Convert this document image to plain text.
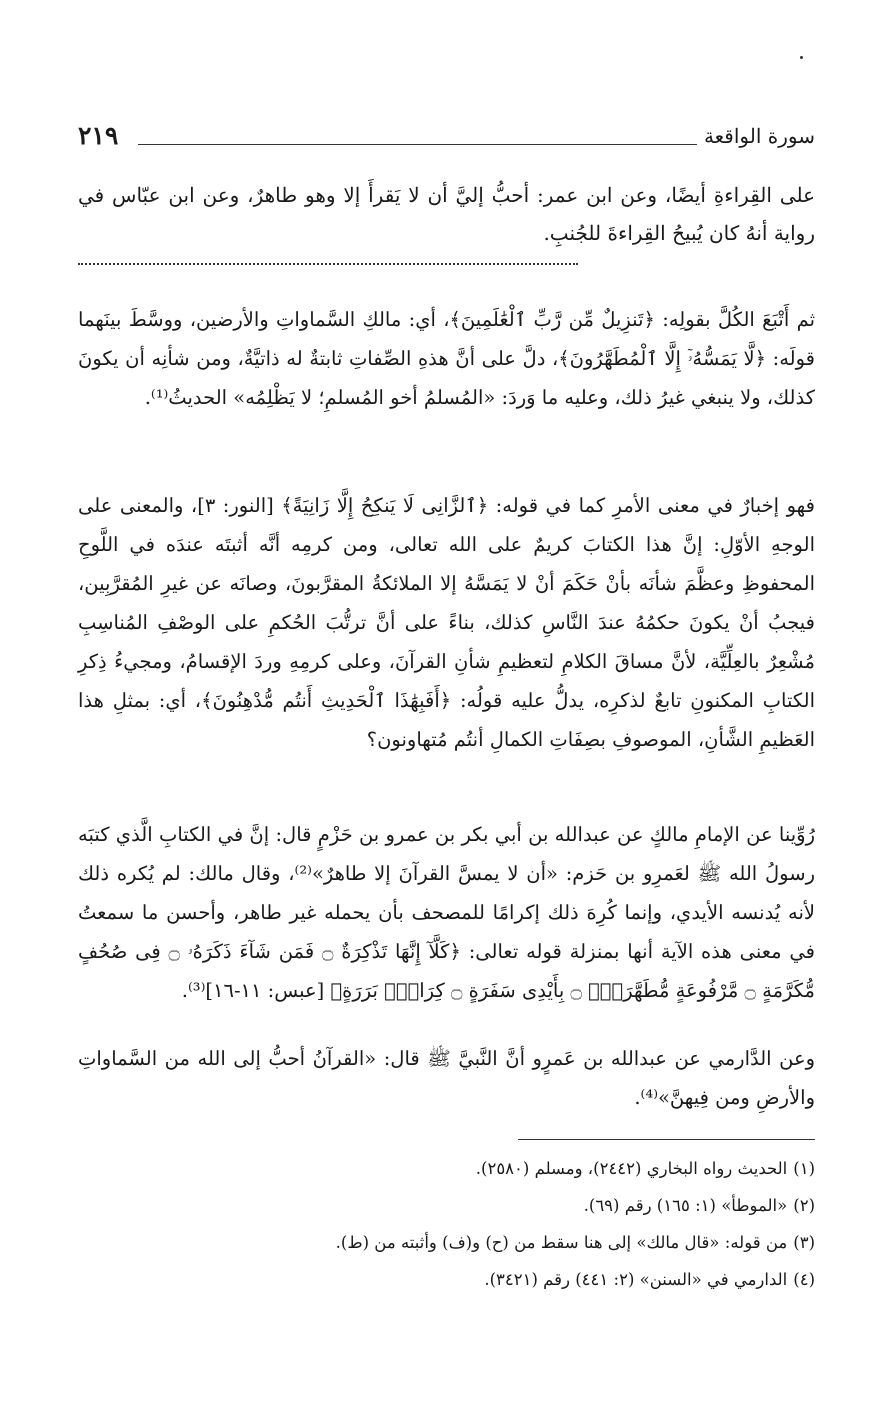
سورة الواقعة
٢١٩
على القِراءةِ أيضًا، وعن ابن عمر: أحبُّ إليَّ أن لا يَقرأَ إلا وهو طاهرٌ، وعن ابن عبّاس في رواية أنهُ كان يُبيحُ القِراءةَ للجُنبِ.
ثم أَتْبَعَ الكُلَّ بقولِه: ﴿تَنزِيلٌ مِّن رَّبِّ ٱلْعَٰلَمِينَ﴾، أي: مالكِ السَّماواتِ والأرضين، ووسَّطَ بينَهما قولَه: ﴿لَّا يَمَسُّهُۥٓ إِلَّا ٱلْمُطَهَّرُونَ﴾، دلَّ على أنَّ هذهِ الصِّفاتِ ثابتةٌ له ذاتيَّةٌ، ومن شأنِه أن يكونَ كذلك، ولا ينبغي غيرُ ذلك، وعليه ما وَردَ: «المُسلمُ أخو المُسلمِ؛ لا يَظْلِمُه» الحديثُ⁽¹⁾.
فهو إخبارٌ في معنى الأمرِ كما في قوله: ﴿ٱلزَّانِى لَا يَنكِحُ إِلَّا زَانِيَةً﴾ [النور: ٣]، والمعنى على الوجهِ الأوّلِ: إنَّ هذا الكتابَ كريمٌ على الله تعالى، ومن كرمِه أنَّه أثبتَه عندَه في اللَّوحِ المحفوظِ وعظَّمَ شأنَه بأنْ حَكَمَ أنْ لا يَمَسَّهُ إلا الملائكةُ المقرَّبونَ، وصانَه عن غيرِ المُقرَّبِين، فيجبُ أنْ يكونَ حكمُهُ عندَ النَّاسِ كذلك، بناءً على أنَّ ترتُّبَ الحُكمِ على الوصْفِ المُناسِبِ مُشْعِرٌ بالعِلِّيَّة، لأنَّ مساقَ الكلامِ لتعظيمِ شأنِ القرآنَ، وعلى كرمِهِ وردَ الإقسامُ، ومجيءُ ذِكرِ الكتابِ المكنونِ تابعٌ لذكرِه، يدلُّ عليه قولُه: ﴿أَفَبِهَٰذَا ٱلْحَدِيثِ أَنتُم مُّدْهِنُونَ﴾، أي: بمثلِ هذا العَظيمِ الشَّأنِ، الموصوفِ بصِفَاتِ الكمالِ أنتُم مُتهاونون؟
رُوِّينا عن الإمامِ مالكٍ عن عبدالله بن أبي بكر بن عمرو بن حَزْمٍ قال: إنَّ في الكتابِ الَّذي كتبَه رسولُ الله ﷺ لعَمرِو بن حَزم: «أن لا يمسَّ القرآنَ إلا طاهرٌ»⁽²⁾، وقال مالك: لم يُكره ذلك لأنه يُدنسه الأيدي، وإنما كُرِهَ ذلك إكرامًا للمصحف بأن يحمله غير طاهر، وأحسن ما سمعتُ في معنى هذه الآية أنها بمنزلة قوله تعالى: ﴿كَلَّآ إِنَّهَا تَذْكِرَةٌ ۝ فَمَن شَآءَ ذَكَرَهُۥ ۝ فِى صُحُفٍ مُّكَرَّمَةٍ ۝ مَّرْفُوعَةٍ مُّطَهَّرَةٍۭ ۝ بِأَيْدِى سَفَرَةٍ ۝ كِرَامٍۭ بَرَرَةٍ﴾ [عبس: ١١-١٦]⁽³⁾.
وعن الدَّارمي عن عبدالله بن عَمرٍو أنَّ النَّبيَّ ﷺ قال: «القرآنُ أحبُّ إلى الله من السَّماواتِ والأرضِ ومن فِيهنَّ»⁽⁴⁾.
(١)الحديث رواه البخاري (٢٤٤٢)، ومسلم (٢٥٨٠).
(٢)«الموطأ» (١: ١٦٥) رقم (٦٩).
(٣)من قوله: «قال مالك» إلى هنا سقط من (ح) و(ف) وأثبته من (ط).
(٤)الدارمي في «السنن» (٢: ٤٤١) رقم (٣٤٢١).
